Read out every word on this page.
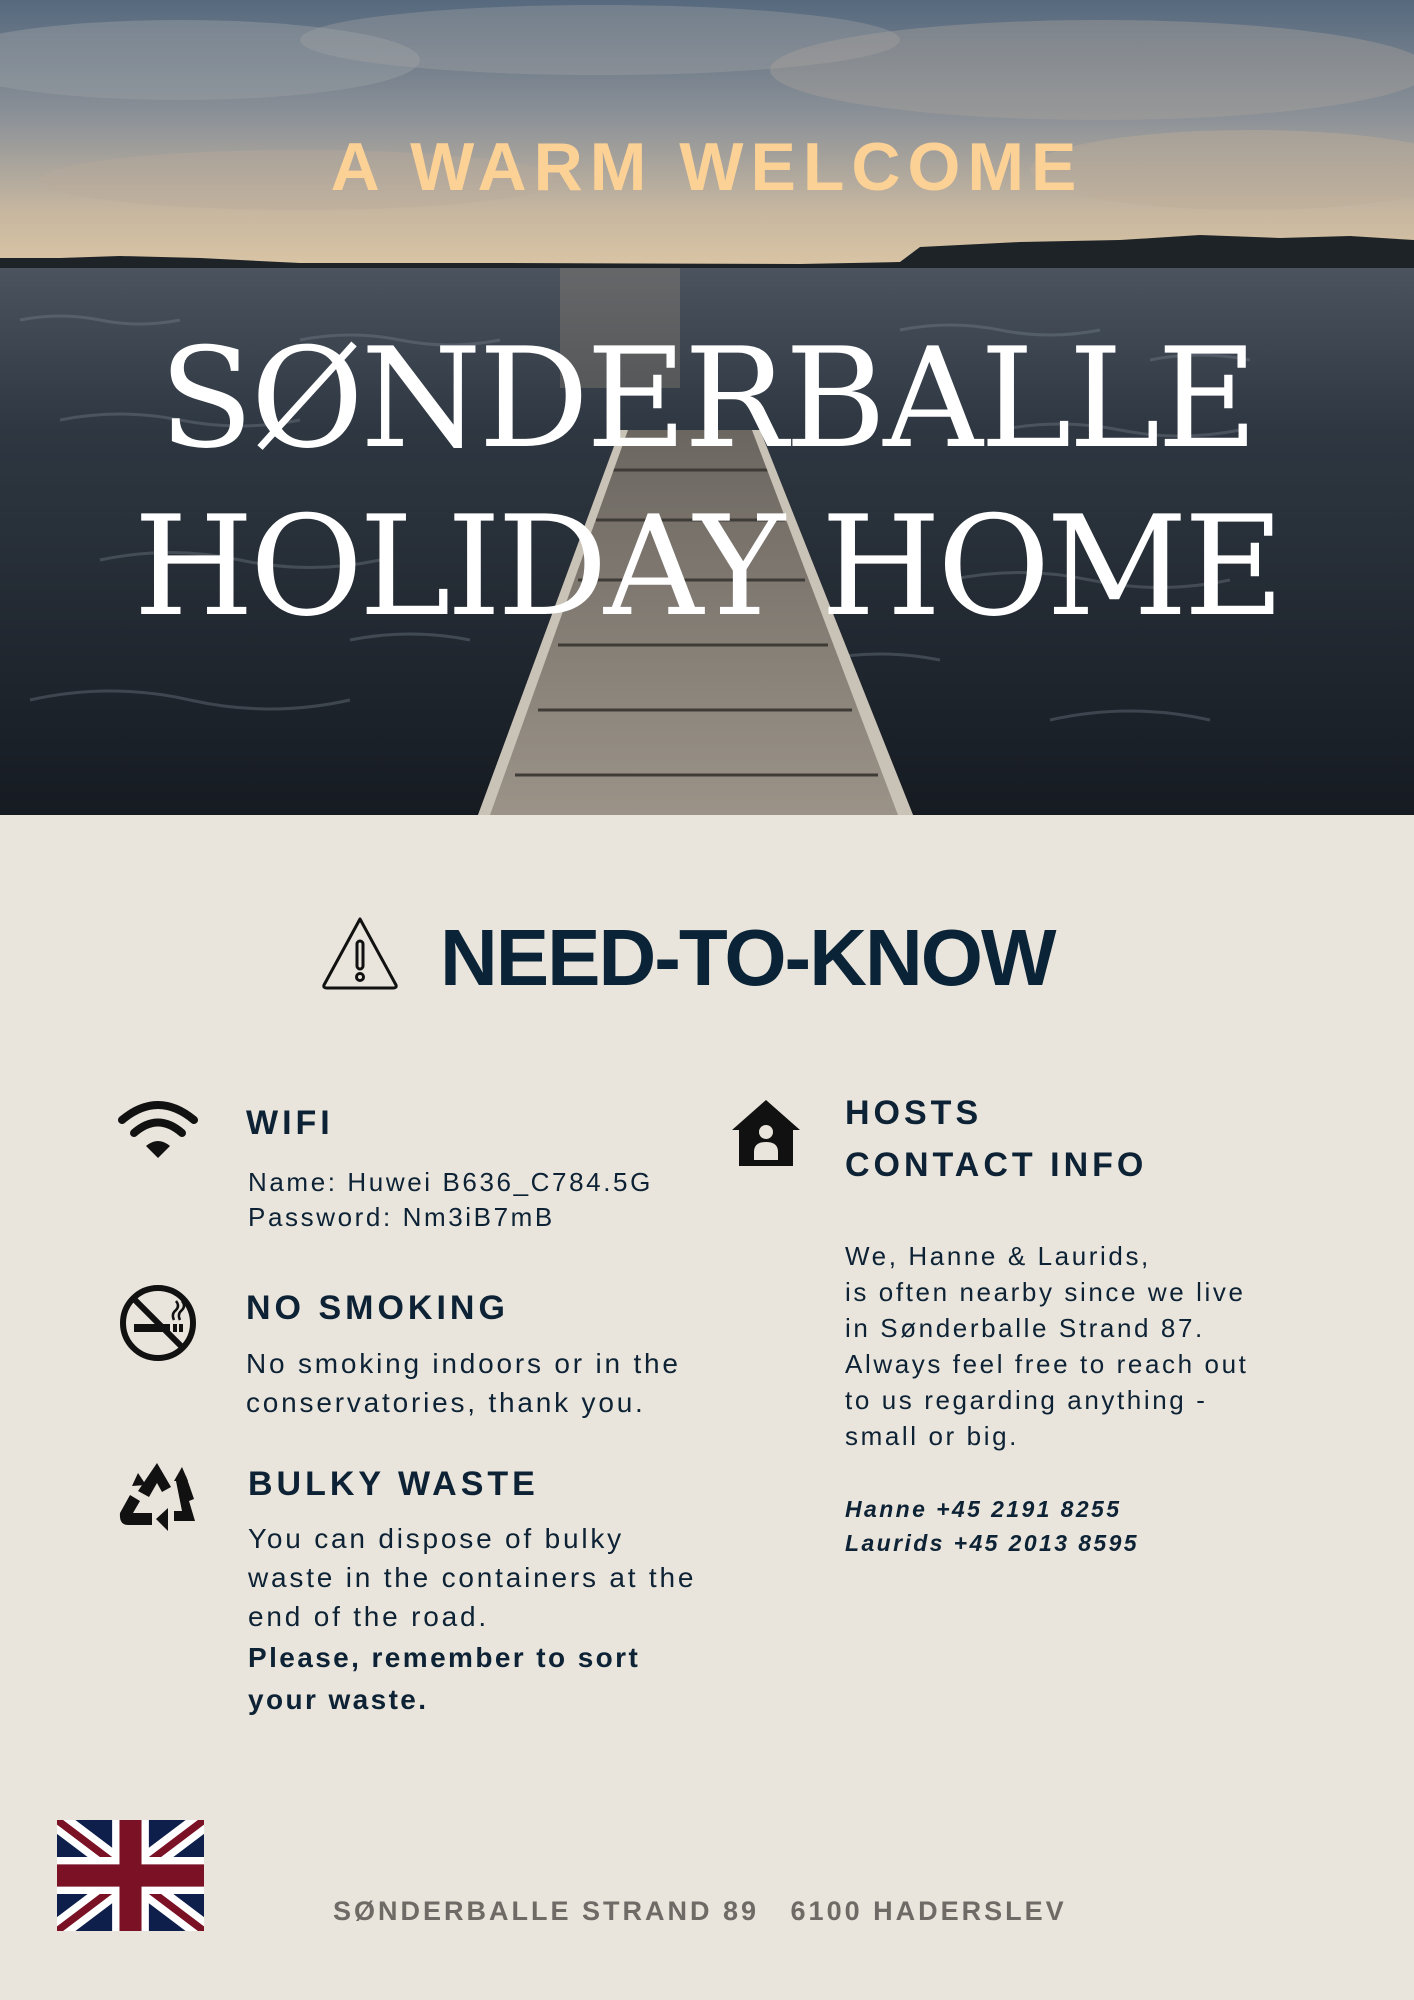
A WARM WELCOME
SØNDERBALLE
HOLIDAY HOME
NEED-TO-KNOW
WIFI
Name: Huwei B636_C784.5G
Password: Nm3iB7mB
NO SMOKING
No smoking indoors or in the
conservatories, thank you.
BULKY WASTE
You can dispose of bulky
waste in the containers at the
end of the road.
Please, remember to sort
your waste.
HOSTS
CONTACT INFO
We, Hanne & Laurids,
is often nearby since we live
in Sønderballe Strand 87.
Always feel free to reach out
to us regarding anything -
small or big.
Hanne +45 2191 8255
Laurids +45 2013 8595
SØNDERBALLE STRAND 89   6100 HADERSLEV
